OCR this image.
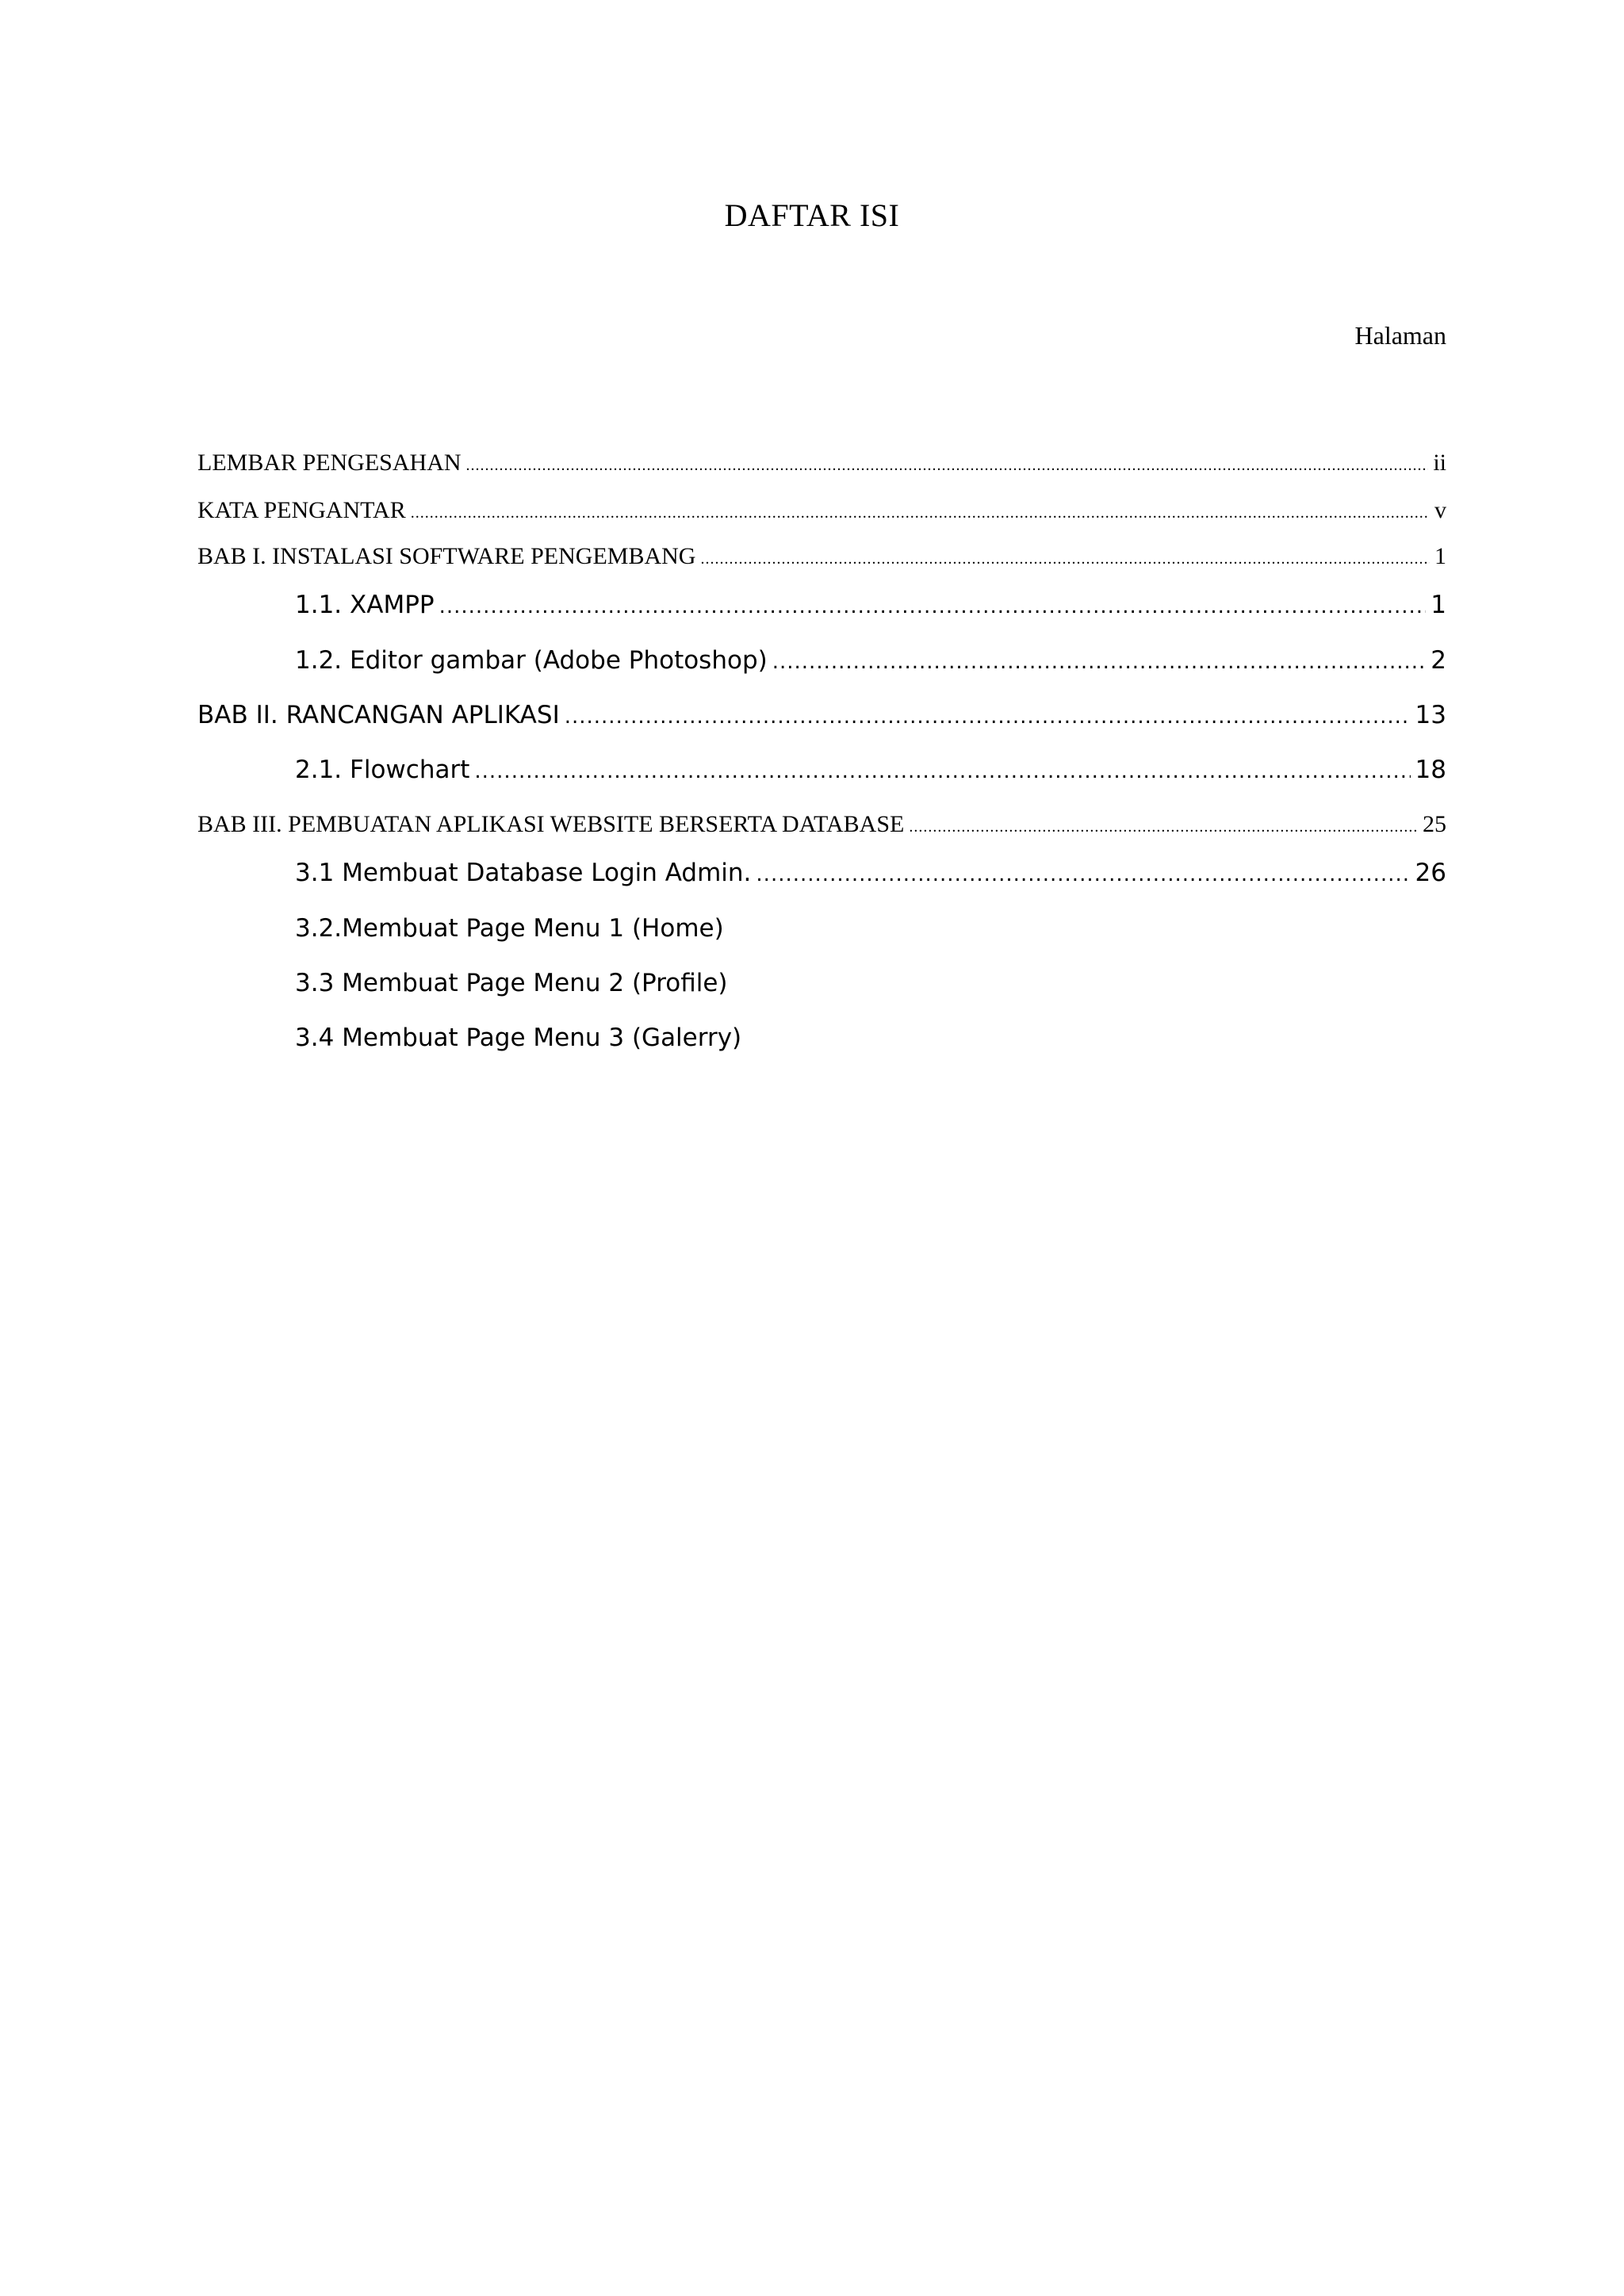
DAFTAR ISI
Halaman
LEMBAR PENGESAHAN .....	ii
KATA PENGANTAR .....	v
BAB I. INSTALASI SOFTWARE PENGEMBANG .....	1
1.1. XAMPP .....	1
1.2. Editor gambar (Adobe Photoshop) .....	2
BAB II. RANCANGAN APLIKASI .....	13
2.1. Flowchart .....	18
BAB III. PEMBUATAN APLIKASI WEBSITE BERSERTA DATABASE .....	25
3.1 Membuat Database Login Admin. .....	26
3.2.Membuat Page Menu 1 (Home)
3.3 Membuat Page Menu 2 (Profile)
3.4 Membuat Page Menu 3 (Galerry)
